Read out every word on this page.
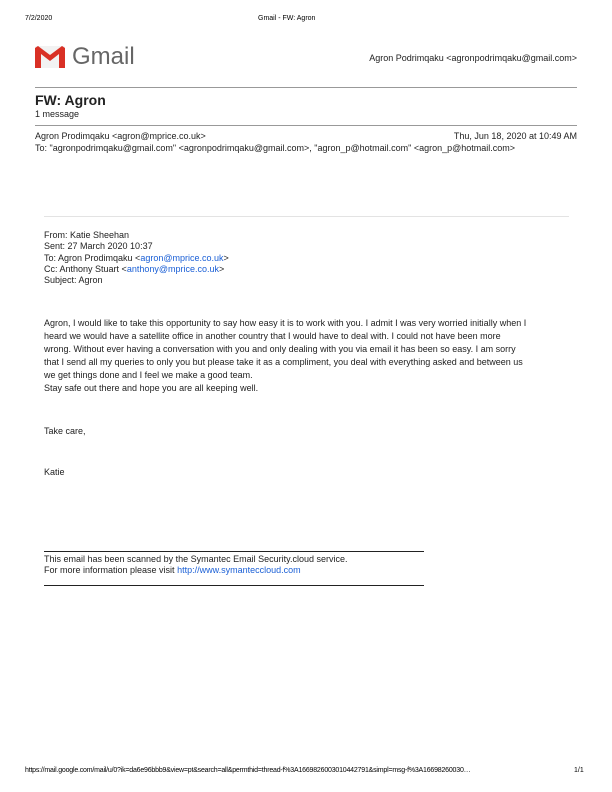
7/2/2020	Gmail - FW: Agron
Gmail	Agron Podrimqaku <agronpodrimqaku@gmail.com>
FW: Agron
1 message
Agron Prodimqaku <agron@mprice.co.uk>	Thu, Jun 18, 2020 at 10:49 AM
To: "agronpodrimqaku@gmail.com" <agronpodrimqaku@gmail.com>, "agron_p@hotmail.com" <agron_p@hotmail.com>
From: Katie Sheehan
Sent: 27 March 2020 10:37
To: Agron Prodimqaku <agron@mprice.co.uk>
Cc: Anthony Stuart <anthony@mprice.co.uk>
Subject: Agron
Agron, I would like to take this opportunity to say how easy it is to work with you. I admit I was very worried initially when I
heard we would have a satellite office in another country that I would have to deal with. I could not have been more
wrong. Without ever having a conversation with you and only dealing with you via email it has been so easy. I am sorry
that I send all my queries to only you but please take it as a compliment, you deal with everything asked and between us
we get things done and I feel we make a good team.
Stay safe out there and hope you are all keeping well.
Take care,
Katie
This email has been scanned by the Symantec Email Security.cloud service.
For more information please visit http://www.symanteccloud.com
https://mail.google.com/mail/u/0?ik=da6e96bbb9&view=pt&search=all&permthid=thread-f%3A1669826003010442791&simpl=msg-f%3A16698260030…	1/1
